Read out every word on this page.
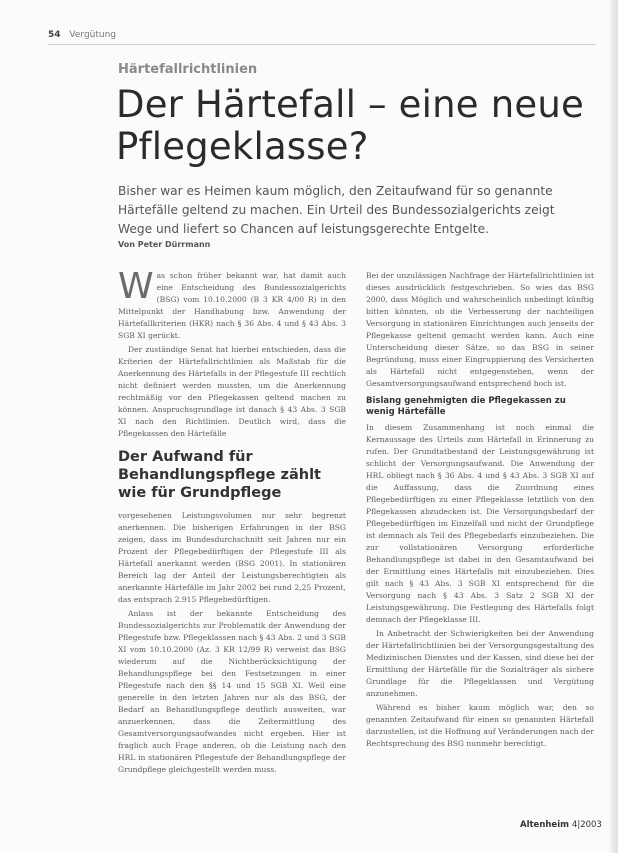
54 Vergütung
Härtefallrichtlinien
Der Härtefall – eine neue Pflegeklasse?

Bisher war es Heimen kaum möglich, den Zeitaufwand für so genannte Härtefälle geltend zu machen. Ein Urteil des Bundessozialgerichts zeigt Wege und liefert so Chancen auf leistungsgerechte Entgelte.

Von Peter Dürrmann

Was schon früher bekannt war, hat damit auch eine Entscheidung des Bundessozialgerichts (BSG) vom 10.10.2000 (B 3 KR 4/00 R) in den Mittelpunkt der Handhabung bzw. Anwendung der Härtefallkriterien (HKR) nach § 36 Abs. 4 und § 43 Abs. 3 SGB XI gerückt.

Der zuständige Senat hat hierbei entschieden, dass die Kriterien der Härtefallrichtlinien als Maßstab für die Anerkennung des Härtefalls in der Pflegestufe III rechtlich nicht definiert werden mussten, um die Anerkennung rechtmäßig vor den Pflegekassen geltend machen zu können. Anspruchsgrundlage ist danach § 43 Abs. 3 SGB XI nach den Richtlinien. Deutlich wird, dass die Pflegekassen den Härtefälle

Der Aufwand für Behandlungspflege zählt wie für Grundpflege

vorgesehenen Leistungsvolumen nur sehr begrenzt anerkennen. Die bisherigen Erfahrungen in der BSG zeigen, dass im Bundesdurchschnitt seit Jahren nur ein Prozent der Pflegebedürftigen der Pflegestufe III als Härtefall anerkannt werden (BSG 2001). In stationären Bereich lag der Anteil der Leistungsberechtigten als anerkannte Härtefälle im Jahr 2002 bei rund 2,25 Prozent, das entsprach 2.915 Pflegebedürftigen.

Anlass ist der bekannte Entscheidung des Bundessozialgerichts zur Problematik der Anwendung der Pflegestufe bzw. Pflegeklassen nach § 43 Abs. 2 und 3 SGB XI vom 10.10.2000 (Az. 3 KR 12/99 R) verweist das BSG wiederum auf die Nichtberücksichtigung der Behandlungspflege bei den Festsetzungen in einer Pflegestufe nach den §§ 14 und 15 SGB XI. Weil eine generelle in den letzten Jahren nur als das BSG, der Bedarf an Behandlungspflege deutlich ausweiten, war anzuerkennen, dass die Zeitermittlung des Gesamtversorgungsaufwandes nicht ergeben. Hier ist fraglich auch Frage anderen, ob die Leistung nach den HRL in stationären Pflegestufe der Behandlungspflege der Grundpflege gleichgestellt werden muss.

Bei der unzulässigen Nachfrage der Härtefallrichtlinien ist dieses ausdrücklich festgeschrieben. So wies das BSG 2000, dass Möglich und wahrscheinlich unbedingt künftig bitten könnten, ob die Verbesserung der nachteiligen Versorgung in stationären Einrichtungen auch jenseits der Pflegekasse geltend gemacht werden kann. Auch eine Unterscheidung dieser Sätze, so das BSG in seiner Begründung, muss einer Eingruppierung des Versicherten als Härtefall nicht entgegenstehen, wenn der Gesamtversorgungsaufwand entsprechend hoch ist.

Bislang genehmigten die Pflegekassen zu wenig Härtefälle

In diesem Zusammenhang ist noch einmal die Kernaussage des Urteils zum Härtefall in Erinnerung zu rufen. Der Grundtatbestand der Leistungsgewährung ist schlicht der Versorgungsaufwand. Die Anwendung der HRL obliegt nach § 36 Abs. 4 und § 43 Abs. 3 SGB XI auf die Auffassung, dass die Zuordnung eines Pflegebedürftigen zu einer Pflegeklasse letztlich von den Pflegekassen abzudecken ist. Die Versorgungsbedarf der Pflegebedürftigen im Einzelfall und nicht der Grundpflege ist demnach als Teil des Pflegebedarfs einzubeziehen. Die zur vollstationären Versorgung erforderliche Behandlungspflege ist dabei in den Gesamtaufwand bei der Ermittlung eines Härtefalls mit einzubeziehen. Dies gilt nach § 43 Abs. 3 SGB XI entsprechend für die Versorgung nach § 43 Abs. 3 Satz 2 SGB XI der Leistungsgewährung. Die Festlegung des Härtefalls folgt demnach der Pflegeklasse III.

In Anbetracht der Schwierigkeiten bei der Anwendung der Härtefallrichtlinien bei der Versorgungsgestaltung des Medizinischen Dienstes und der Kassen, sind diese bei der Ermittlung der Härtefälle für die Sozialträger als sichere Grundlage für die Pflegeklassen und Vergütung anzunehmen.

Während es bisher kaum möglich war, den so genannten Zeitaufwand für einen so genannten Härtefall darzustellen, ist die Hoffnung auf Veränderungen nach der Rechtsprechung des BSG nunmehr berechtigt.

Altenheim 4|2003
